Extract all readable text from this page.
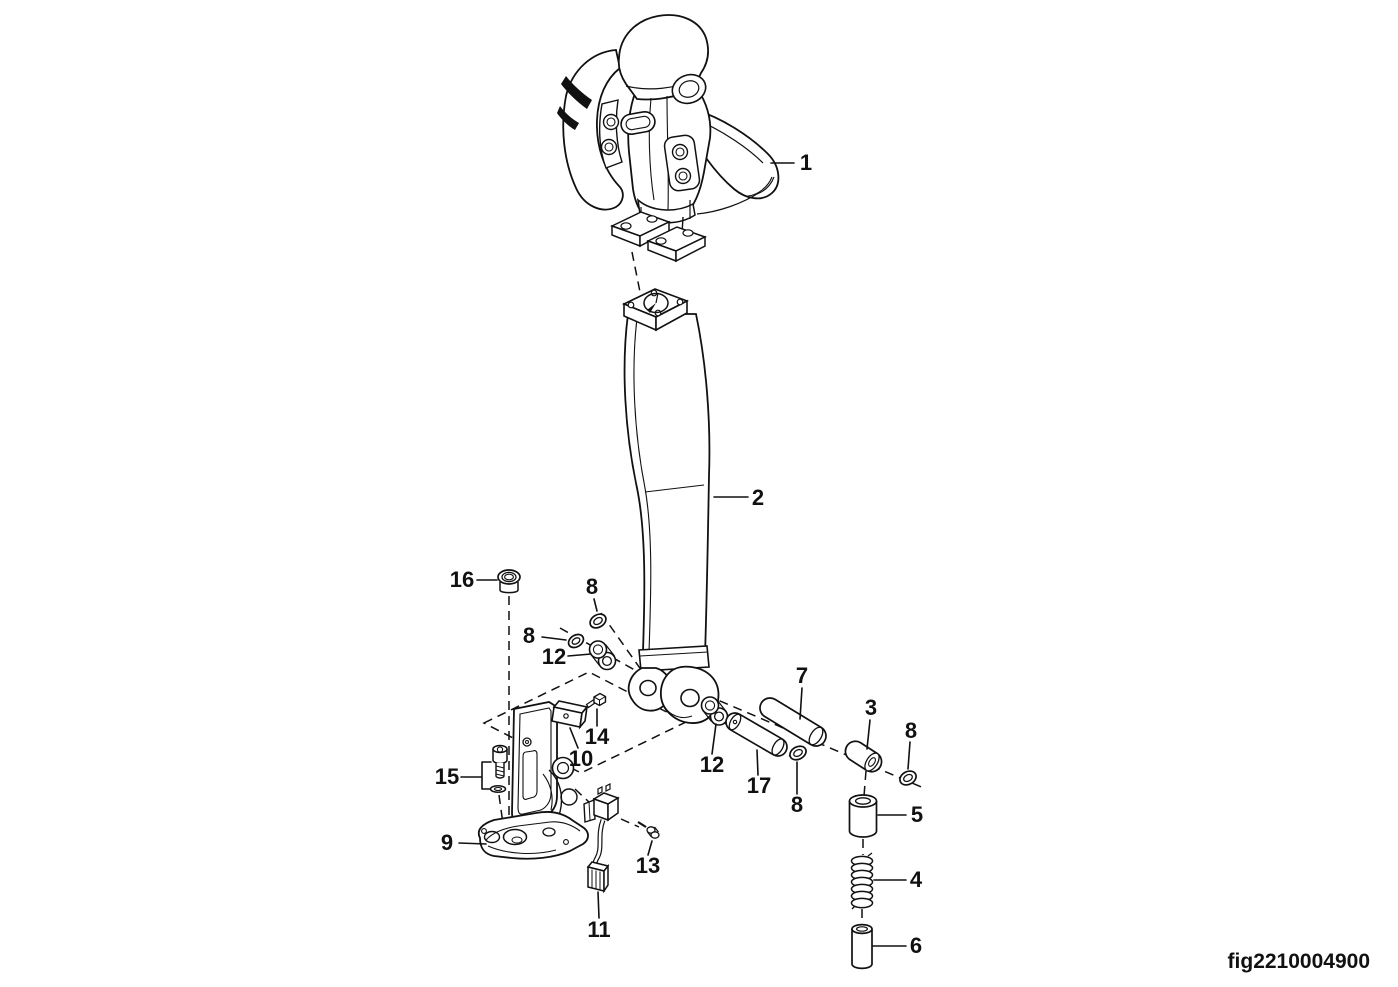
1
2
16	8
8
12
14
10
15
9
13
11
12
17
8
7
3
8
5
4
6
fig2210004900
